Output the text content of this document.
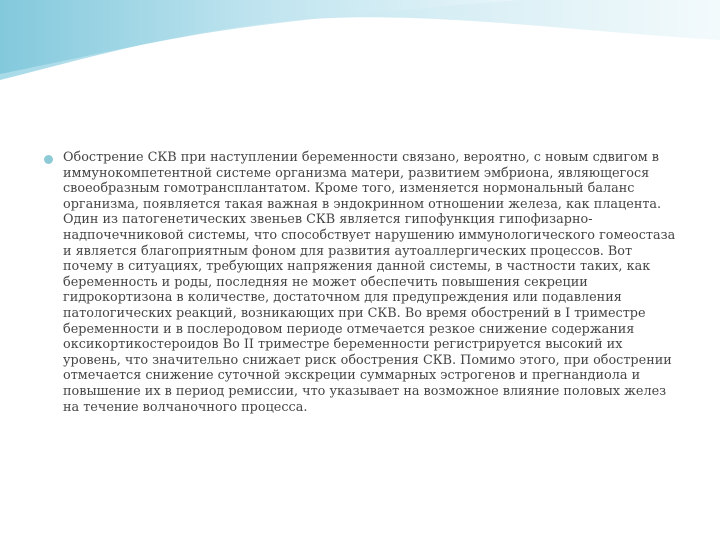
Обострение СКВ при наступлении беременности связано, вероятно, с новым сдвигом в иммунокомпетентной системе организма матери, развитием эмбриона, являющегося своеобразным гомотрансплантатом. Кроме того, изменяется нормональный баланс организма, появляется такая важная в эндокринном отношении железа, как плацента. Один из патогенетических звеньев СКВ является гипофункция гипофизарно-надпочечниковой системы, что способствует нарушению иммунологического гомеостаза и является благоприятным фоном для развития аутоаллергических процессов. Вот почему в ситуациях, требующих напряжения данной системы, в частности таких, как беременность и роды, последняя не может обеспечить повышения секреции гидрокортизона в количестве, достаточном для предупреждения или подавления патологических реакций, возникающих при СКВ. Во время обострений в I триместре беременности и в послеродовом периоде отмечается резкое снижение содержания оксикортикостероидов Во II триместре беременности регистрируется высокий их уровень, что значительно снижает риск обострения СКВ. Помимо этого, при обострении отмечается снижение суточной экскреции суммарных эстрогенов и прегнандиола и повышение их в период ремиссии, что указывает на возможное влияние половых желез на течение волчаночного процесса.
